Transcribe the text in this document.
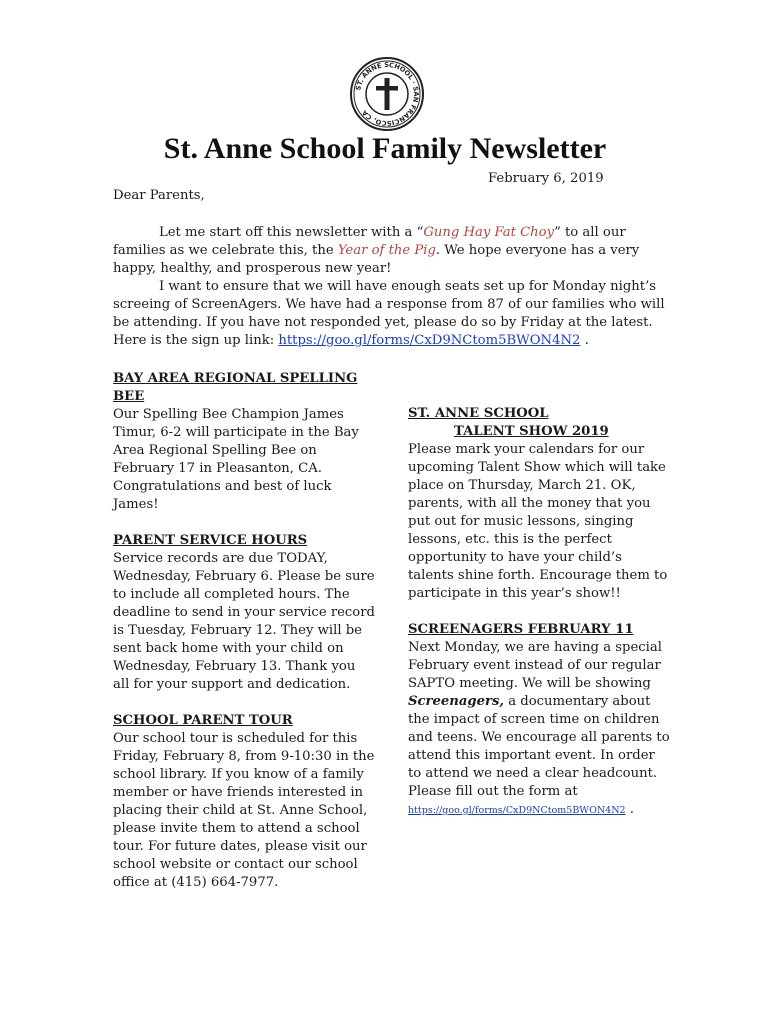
ST. ANNE SCHOOL · SAN FRANCISCO, CA
St. Anne School Family Newsletter
February 6, 2019
Dear Parents,

Let me start off this newsletter with a “Gung Hay Fat Choy” to all our families as we celebrate this, the Year of the Pig. We hope everyone has a very happy, healthy, and prosperous new year!

I want to ensure that we will have enough seats set up for Monday night’s screeing of ScreenAgers. We have had a response from 87 of our families who will be attending. If you have not responded yet, please do so by Friday at the latest. Here is the sign up link: https://goo.gl/forms/CxD9NCtom5BWON4N2 .

BAY AREA REGIONAL SPELLING BEE
Our Spelling Bee Champion James Timur, 6-2 will participate in the Bay Area Regional Spelling Bee on February 17 in Pleasanton, CA. Congratulations and best of luck James!
PARENT SERVICE HOURS
Service records are due TODAY, Wednesday, February 6. Please be sure to include all completed hours. The deadline to send in your service record is Tuesday, February 12. They will be sent back home with your child on Wednesday, February 13. Thank you all for your support and dedication.
SCHOOL PARENT TOUR
Our school tour is scheduled for this Friday, February 8, from 9-10:30 in the school library. If you know of a family member or have friends interested in placing their child at St. Anne School, please invite them to attend a school tour. For future dates, please visit our school website or contact our school office at (415) 664-7977.
ST. ANNE SCHOOL
TALENT SHOW 2019
Please mark your calendars for our upcoming Talent Show which will take place on Thursday, March 21. OK, parents, with all the money that you put out for music lessons, singing lessons, etc. this is the perfect opportunity to have your child’s talents shine forth. Encourage them to participate in this year’s show!!
SCREENAGERS FEBRUARY 11
Next Monday, we are having a special February event instead of our regular SAPTO meeting. We will be showing Screenagers, a documentary about the impact of screen time on children and teens. We encourage all parents to attend this important event. In order to attend we need a clear headcount. Please fill out the form at
https://goo.gl/forms/CxD9NCtom5BWON4N2 .
